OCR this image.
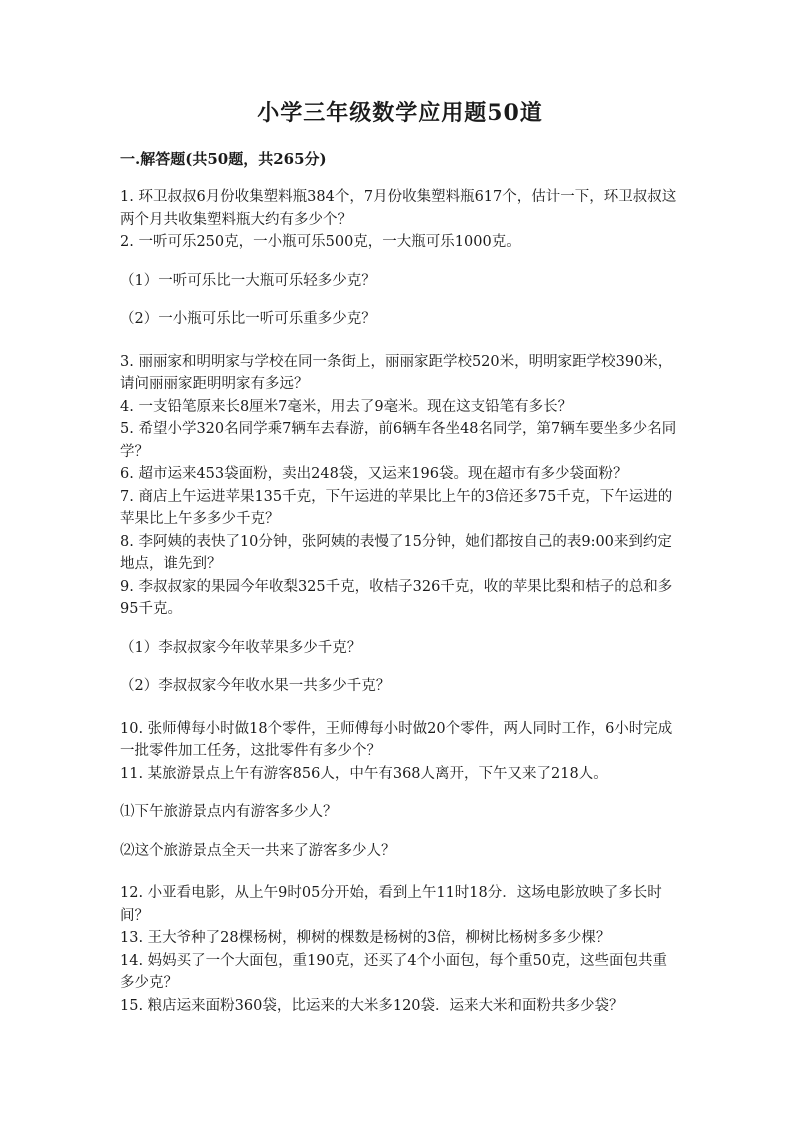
小学三年级数学应用题50道
一.解答题(共50题，共265分)

1. 环卫叔叔6月份收集塑料瓶384个，7月份收集塑料瓶617个，估计一下，环卫叔叔这两个月共收集塑料瓶大约有多少个？

2. 一听可乐250克，一小瓶可乐500克，一大瓶可乐1000克。

（1）一听可乐比一大瓶可乐轻多少克？

（2）一小瓶可乐比一听可乐重多少克？

3. 丽丽家和明明家与学校在同一条街上，丽丽家距学校520米，明明家距学校390米，请问丽丽家距明明家有多远？

4. 一支铅笔原来长8厘米7毫米，用去了9毫米。现在这支铅笔有多长？

5. 希望小学320名同学乘7辆车去春游，前6辆车各坐48名同学，第7辆车要坐多少名同学？

6. 超市运来453袋面粉，卖出248袋，又运来196袋。现在超市有多少袋面粉？

7. 商店上午运进苹果135千克，下午运进的苹果比上午的3倍还多75千克，下午运进的苹果比上午多多少千克？

8. 李阿姨的表快了10分钟，张阿姨的表慢了15分钟，她们都按自己的表9:00来到约定地点，谁先到？

9. 李叔叔家的果园今年收梨325千克，收桔子326千克，收的苹果比梨和桔子的总和多95千克。

（1）李叔叔家今年收苹果多少千克？

（2）李叔叔家今年收水果一共多少千克？

10. 张师傅每小时做18个零件，王师傅每小时做20个零件，两人同时工作，6小时完成一批零件加工任务，这批零件有多少个？

11. 某旅游景点上午有游客856人，中午有368人离开，下午又来了218人。

⑴下午旅游景点内有游客多少人？

⑵这个旅游景点全天一共来了游客多少人？

12. 小亚看电影，从上午9时05分开始，看到上午11时18分．这场电影放映了多长时间？

13. 王大爷种了28棵杨树，柳树的棵数是杨树的3倍，柳树比杨树多多少棵？

14. 妈妈买了一个大面包，重190克，还买了4个小面包，每个重50克，这些面包共重多少克？

15. 粮店运来面粉360袋，比运来的大米多120袋．运来大米和面粉共多少袋？
